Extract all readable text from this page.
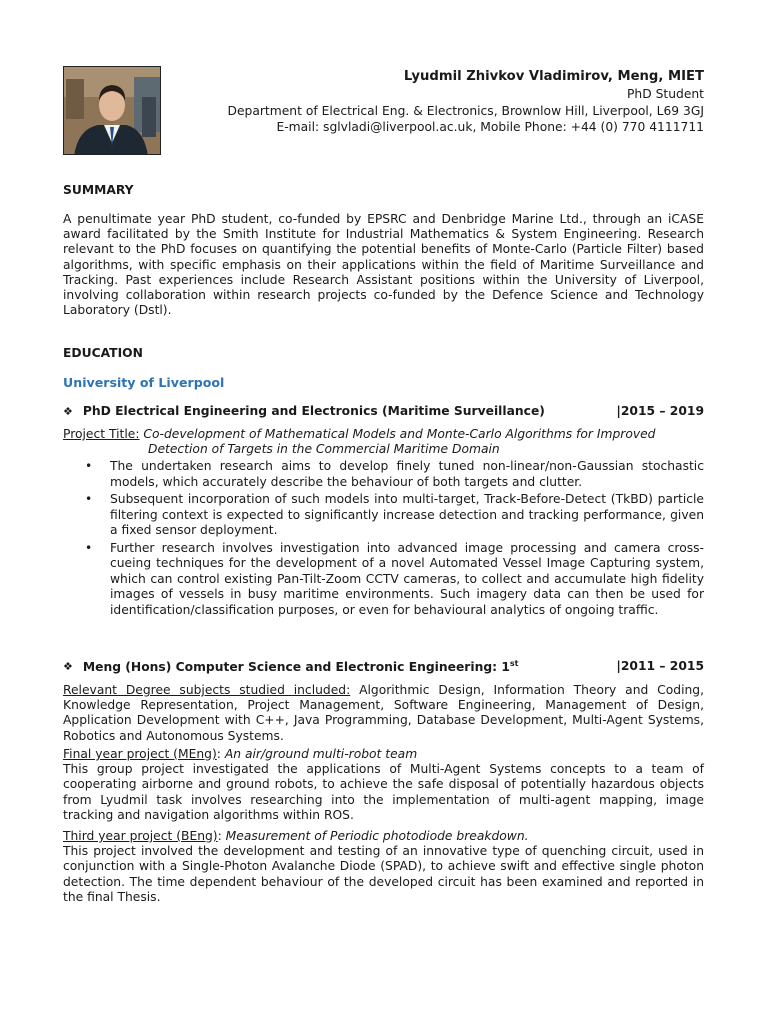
Lyudmil Zhivkov Vladimirov, Meng, MIET

PhD Student

Department of Electrical Eng. & Electronics, Brownlow Hill, Liverpool, L69 3GJ

E-mail: sglvladi@liverpool.ac.uk, Mobile Phone: +44 (0) 770 4111711

SUMMARY

A penultimate year PhD student, co-funded by EPSRC and Denbridge Marine Ltd., through an iCASE award facilitated by the Smith Institute for Industrial Mathematics & System Engineering. Research relevant to the PhD focuses on quantifying the potential benefits of Monte-Carlo (Particle Filter) based algorithms, with specific emphasis on their applications within the field of Maritime Surveillance and Tracking. Past experiences include Research Assistant positions within the University of Liverpool, involving collaboration within research projects co-funded by the Defence Science and Technology Laboratory (Dstl).

EDUCATION

University of Liverpool

❖ PhD Electrical Engineering and Electronics (Maritime Surveillance)	|2015 – 2019
Project Title: Co-development of Mathematical Models and Monte-Carlo Algorithms for Improved
Detection of Targets in the Commercial Maritime Domain
• The undertaken research aims to develop finely tuned non-linear/non-Gaussian stochastic models, which accurately describe the behaviour of both targets and clutter.
• Subsequent incorporation of such models into multi-target, Track-Before-Detect (TkBD) particle filtering context is expected to significantly increase detection and tracking performance, given a fixed sensor deployment.
• Further research involves investigation into advanced image processing and camera cross-cueing techniques for the development of a novel Automated Vessel Image Capturing system, which can control existing Pan-Tilt-Zoom CCTV cameras, to collect and accumulate high fidelity images of vessels in busy maritime environments. Such imagery data can then be used for identification/classification purposes, or even for behavioural analytics of ongoing traffic.
❖ Meng (Hons) Computer Science and Electronic Engineering: 1st	|2011 – 2015

Relevant Degree subjects studied included: Algorithmic Design, Information Theory and Coding, Knowledge Representation, Project Management, Software Engineering, Management of Design, Application Development with C++, Java Programming, Database Development, Multi-Agent Systems, Robotics and Autonomous Systems.

Final year project (MEng): An air/ground multi-robot team
This group project investigated the applications of Multi-Agent Systems concepts to a team of cooperating airborne and ground robots, to achieve the safe disposal of potentially hazardous objects from Lyudmil task involves researching into the implementation of multi-agent mapping, image tracking and navigation algorithms within ROS.
Third year project (BEng): Measurement of Periodic photodiode breakdown.
This project involved the development and testing of an innovative type of quenching circuit, used in conjunction with a Single-Photon Avalanche Diode (SPAD), to achieve swift and effective single photon detection. The time dependent behaviour of the developed circuit has been examined and reported in the final Thesis.
